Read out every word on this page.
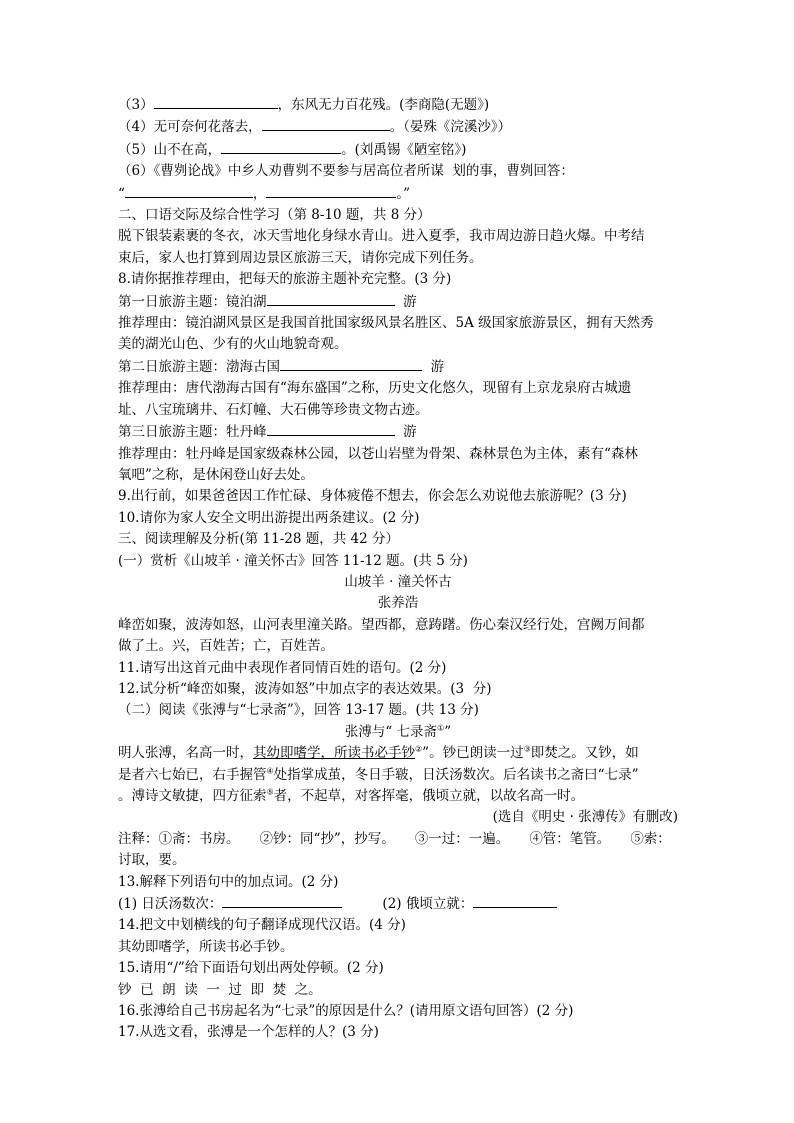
（3）	，东风无力百花残。(李商隐(无题》)
（4）无可奈何花落去，	。（晏殊《浣溪沙》）
（5）山不在高，	。(刘禹锡《陋室铭》)
（6）《曹刿论战》中乡人劝曹刿不要参与居高位者所谋  划的事，曹刿回答：
“	，	。”
二、口语交际及综合性学习（第 8-10 题，共 8 分）
脱下银装素裹的冬衣，冰天雪地化身绿水青山。进入夏季，我市周边游日趋火爆。中考结
束后，家人也打算到周边景区旅游三天，请你完成下列任务。
8.请你据推荐理由，把每天的旅游主题补充完整。(3 分)
第一日旅游主题：镜泊湖	游
推荐理由：镜泊湖风景区是我国首批国家级风景名胜区、5A 级国家旅游景区，拥有天然秀
美的湖光山色、少有的火山地貌奇观。
第二日旅游主题：渤海古国	游
推荐理由：唐代渤海古国有“海东盛国”之称，历史文化悠久，现留有上京龙泉府古城遗
址、八宝琉璃井、石灯幢、大石佛等珍贵文物古迹。
第三日旅游主题：牡丹峰	游
推荐理由：牡丹峰是国家级森林公园，以苍山岩壁为骨架、森林景色为主体，素有“森林
氧吧”之称，是休闲登山好去处。
9.出行前，如果爸爸因工作忙碌、身体疲倦不想去，你会怎么劝说他去旅游呢？(3 分)
10.请你为家人安全文明出游提出两条建议。(2 分)
三、阅读理解及分析(第 11-28 题，共 42 分）
(一）赏析《山坡羊 · 潼关怀古》回答 11-12 题。(共 5 分)
山坡羊 · 潼关怀古
张养浩
峰峦如聚，波涛如怒，山河表里潼关路。望西都，意踌躇。伤心秦汉经行处，宫阙万间都
做了土。兴，百姓苦；亡，百姓苦。
11.请写出这首元曲中表现作者同情百姓的语句。(2 分)
12.试分析“峰峦如聚，波涛如怒”中加点字的表达效果。(3  分)
（二）阅读《张溥与“七录斋”》，回答 13-17 题。(共 13 分)
张溥与“ 七录斋①”
明人张溥，名高一时，其幼即嗜学，所读书必手钞②”。钞已朗读一过③即焚之。又钞，如
是者六七始已，右手握管④处指掌成茧，冬日手皲，日沃汤数次。后名读书之斋曰“七录”
。溥诗文敏捷，四方征索⑤者，不起草，对客挥毫，俄顷立就，以故名高一时。
(选自《明史 · 张溥传》有删改)
注释：①斋：书房。 ②钞：同“抄”，抄写。 ③一过：一遍。 ④管：笔管。 ⑤索：
讨取，要。
13.解释下列语句中的加点词。(2 分)
(1) 日沃汤数次：	(2) 俄顷立就：
14.把文中划横线的句子翻译成现代汉语。(4 分)
其幼即嗜学，所读书必手钞。
15.请用“/”给下面语句划出两处停顿。(2 分)
钞  已  朗  读  一  过  即  焚  之。
16.张溥给自己书房起名为“七录”的原因是什么？(请用原文语句回答）(2 分)
17.从选文看，张溥是一个怎样的人？(3 分)
